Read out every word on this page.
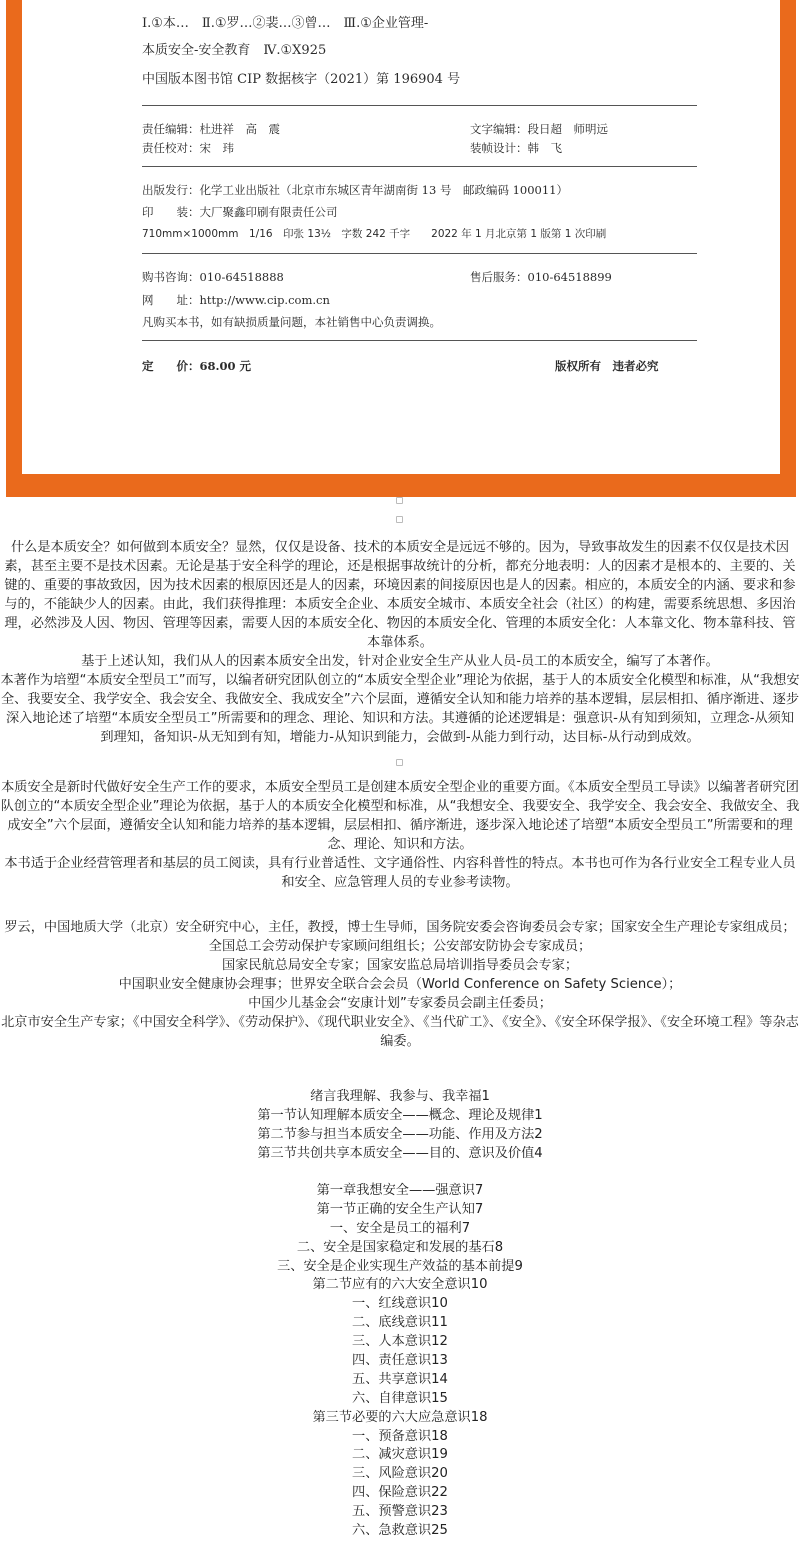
Ⅰ.①本…　Ⅱ.①罗…②裴…③曾…　Ⅲ.①企业管理-
本质安全-安全教育　Ⅳ.①X925
中国版本图书馆 CIP 数据核字（2021）第 196904 号
责任编辑：杜进祥　高　震	文字编辑：段日超　师明远
责任校对：宋　玮	装帧设计：韩　飞
出版发行：化学工业出版社（北京市东城区青年湖南街 13 号　邮政编码 100011）
印　　装：大厂聚鑫印刷有限责任公司
710mm×1000mm　1/16　印张 13½　字数 242 千字　　2022 年 1 月北京第 1 版第 1 次印刷
购书咨询：010-64518888	售后服务：010-64518899
网　　址：http://www.cip.com.cn
凡购买本书，如有缺损质量问题，本社销售中心负责调换。
定　　价：68.00 元	版权所有　违者必究

什么是本质安全？如何做到本质安全？显然，仅仅是设备、技术的本质安全是远远不够的。因为，导致事故发生的因素不仅仅是技术因素，甚至主要不是技术因素。无论是基于安全科学的理论，还是根据事故统计的分析，都充分地表明：人的因素才是根本的、主要的、关键的、重要的事故致因，因为技术因素的根原因还是人的因素，环境因素的间接原因也是人的因素。相应的，本质安全的内涵、要求和参与的，不能缺少人的因素。由此，我们获得推理：本质安全企业、本质安全城市、本质安全社会（社区）的构建，需要系统思想、多因治理，必然涉及人因、物因、管理等因素，需要人因的本质安全化、物因的本质安全化、管理的本质安全化：人本靠文化、物本靠科技、管本靠体系。

基于上述认知，我们从人的因素本质安全出发，针对企业安全生产从业人员-员工的本质安全，编写了本著作。

本著作为培塑“本质安全型员工”而写，以编者研究团队创立的“本质安全型企业”理论为依据，基于人的本质安全化模型和标准，从“我想安全、我要安全、我学安全、我会安全、我做安全、我成安全”六个层面，遵循安全认知和能力培养的基本逻辑，层层相扣、循序渐进、逐步深入地论述了培塑“本质安全型员工”所需要和的理念、理论、知识和方法。其遵循的论述逻辑是：强意识-从有知到须知，立理念-从须知到理知，备知识-从无知到有知，增能力-从知识到能力，会做到-从能力到行动，达目标-从行动到成效。

本质安全是新时代做好安全生产工作的要求，本质安全型员工是创建本质安全型企业的重要方面。《本质安全型员工导读》以编著者研究团队创立的“本质安全型企业”理论为依据，基于人的本质安全化模型和标准，从“我想安全、我要安全、我学安全、我会安全、我做安全、我成安全”六个层面，遵循安全认知和能力培养的基本逻辑，层层相扣、循序渐进，逐步深入地论述了培塑“本质安全型员工”所需要和的理念、理论、知识和方法。

本书适于企业经营管理者和基层的员工阅读，具有行业普适性、文字通俗性、内容科普性的特点。本书也可作为各行业安全工程专业人员和安全、应急管理人员的专业参考读物。

罗云，中国地质大学（北京）安全研究中心，主任，教授，博士生导师，国务院安委会咨询委员会专家；国家安全生产理论专家组成员；

全国总工会劳动保护专家顾问组组长；公安部安防协会专家成员；

国家民航总局安全专家；国家安监总局培训指导委员会专家；

中国职业安全健康协会理事；世界安全联合会会员（World Conference on Safety Science）；

中国少儿基金会“安康计划”专家委员会副主任委员；

北京市安全生产专家；《中国安全科学》、《劳动保护》、《现代职业安全》、《当代矿工》、《安全》、《安全环保学报》、《安全环境工程》等杂志编委。

绪言我理解、我参与、我幸福1
第一节认知理解本质安全——概念、理论及规律1
第二节参与担当本质安全——功能、作用及方法2
第三节共创共享本质安全——目的、意识及价值4
第一章我想安全——强意识7
第一节正确的安全生产认知7
一、安全是员工的福利7
二、安全是国家稳定和发展的基石8
三、安全是企业实现生产效益的基本前提9
第二节应有的六大安全意识10
一、红线意识10
二、底线意识11
三、人本意识12
四、责任意识13
五、共享意识14
六、自律意识15
第三节必要的六大应急意识18
一、预备意识18
二、减灾意识19
三、风险意识20
四、保险意识22
五、预警意识23
六、急救意识25
